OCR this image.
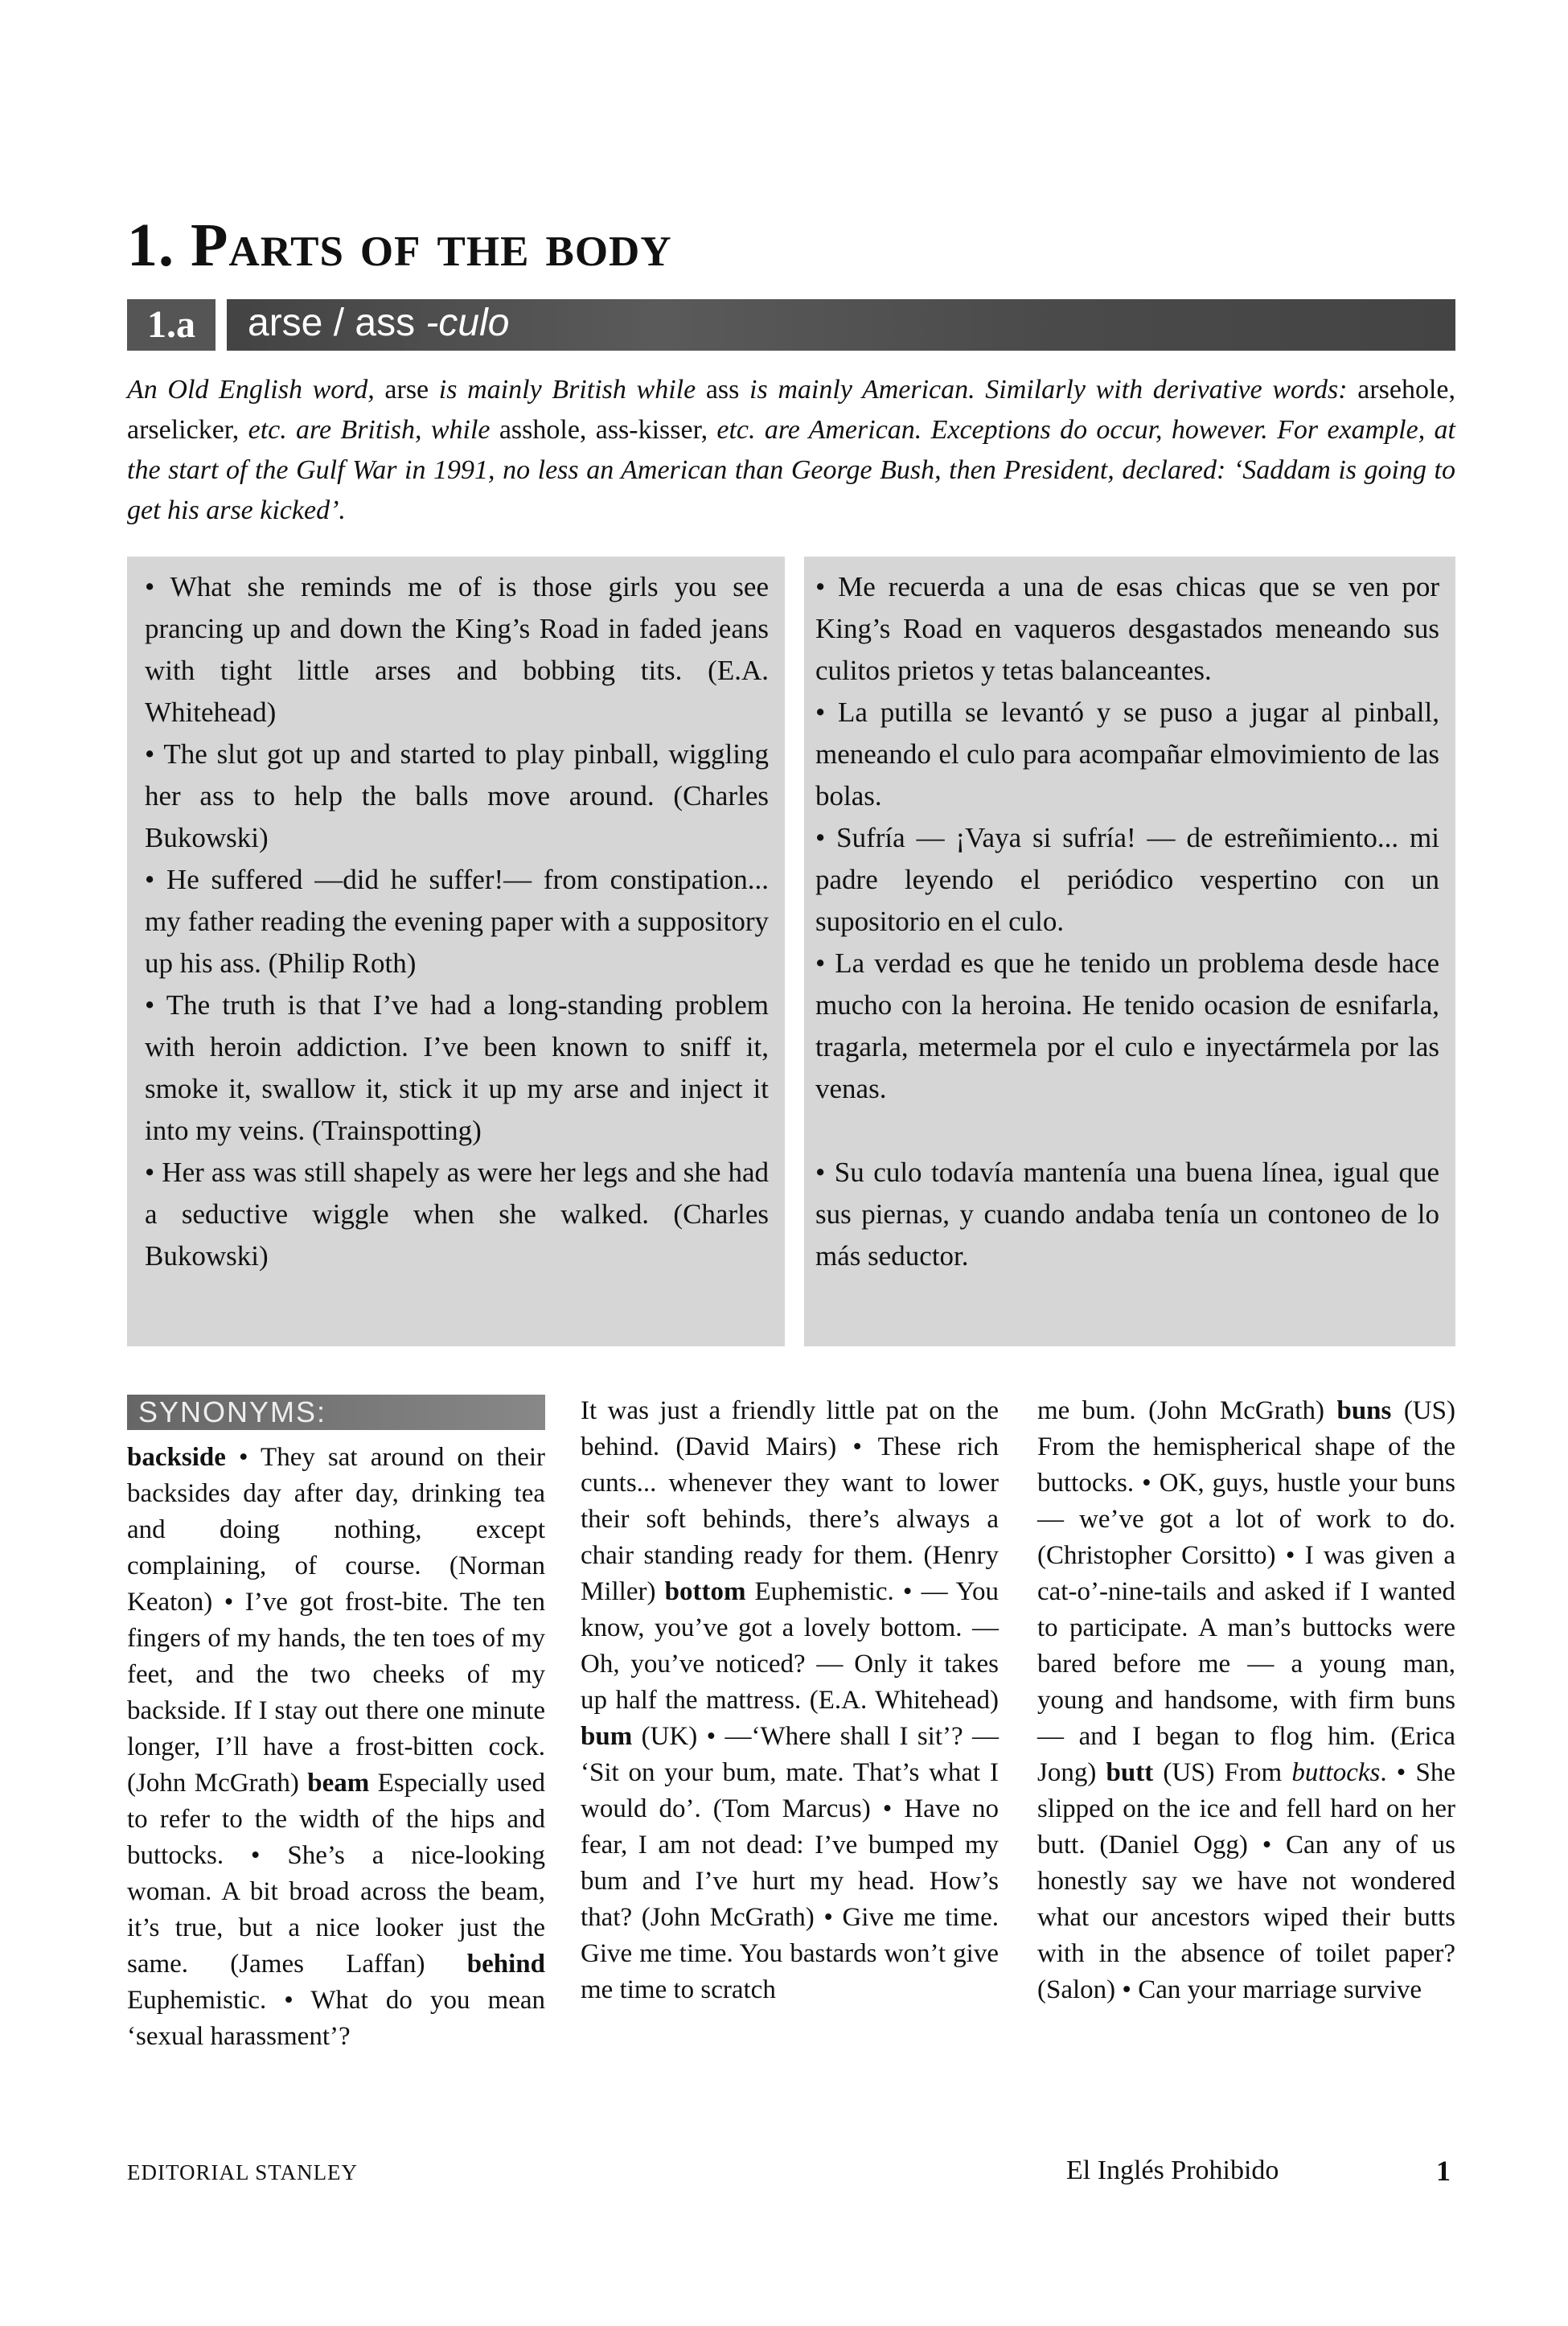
1. Parts of the body
1.a	arse / ass -culo
An Old English word, arse is mainly British while ass is mainly American. Similarly with derivative words: arsehole, arselicker, etc. are British, while asshole, ass-kisser, etc. are American. Exceptions do occur, however. For example, at the start of the Gulf War in 1991, no less an American than George Bush, then President, declared: ‘Saddam is going to get his arse kicked’.

• What she reminds me of is those girls you see prancing up and down the King’s Road in faded jeans with tight little arses and bobbing tits. (E.A. Whitehead)

• The slut got up and started to play pinball, wiggling her ass to help the balls move around. (Charles Bukowski)

• He suffered —did he suffer!— from constipation... my father reading the evening paper with a suppository up his ass. (Philip Roth)

• The truth is that I’ve had a long-standing problem with heroin addiction. I’ve been known to sniff it, smoke it, swallow it, stick it up my arse and inject it into my veins. (Trainspotting)

• Her ass was still shapely as were her legs and she had a seductive wiggle when she walked. (Charles Bukowski)

• Me recuerda a una de esas chicas que se ven por King’s Road en vaqueros desgastados meneando sus culitos prietos y tetas balanceantes.

• La putilla se levantó y se puso a jugar al pinball, meneando el culo para acompañar elmovimiento de las bolas.

• Sufría — ¡Vaya si sufría! — de estreñimiento... mi padre leyendo el periódico vespertino con un supositorio en el culo.

• La verdad es que he tenido un problema desde hace mucho con la heroina. He tenido ocasion de esnifarla, tragarla, metermela por el culo e inyectármela por las venas.

• Su culo todavía mantenía una buena línea, igual que sus piernas, y cuando andaba tenía un contoneo de lo más seductor.

SYNONYMS:

backside • They sat around on their backsides day after day, drinking tea and doing nothing, except complaining, of course. (Norman Keaton) • I’ve got frost-bite. The ten fingers of my hands, the ten toes of my feet, and the two cheeks of my backside. If I stay out there one minute longer, I’ll have a frost-bitten cock. (John McGrath) beam Especially used to refer to the width of the hips and buttocks. • She’s a nice-looking woman. A bit broad across the beam, it’s true, but a nice looker just the same. (James Laffan) behind Euphemistic. • What do you mean ‘sexual harassment’?

It was just a friendly little pat on the behind. (David Mairs) • These rich cunts... whenever they want to lower their soft behinds, there’s always a chair standing ready for them. (Henry Miller) bottom Euphemistic. • — You know, you’ve got a lovely bottom. — Oh, you’ve noticed? — Only it takes up half the mattress. (E.A. Whitehead) bum (UK) • —‘Where shall I sit’? — ‘Sit on your bum, mate. That’s what I would do’. (Tom Marcus) • Have no fear, I am not dead: I’ve bumped my bum and I’ve hurt my head. How’s that? (John McGrath) • Give me time. Give me time. You bastards won’t give me time to scratch

me bum. (John McGrath) buns (US) From the hemispherical shape of the buttocks. • OK, guys, hustle your buns — we’ve got a lot of work to do. (Christopher Corsitto) • I was given a cat-o’-nine-tails and asked if I wanted to participate. A man’s buttocks were bared before me — a young man, young and handsome, with firm buns — and I began to flog him. (Erica Jong) butt (US) From buttocks. • She slipped on the ice and fell hard on her butt. (Daniel Ogg) • Can any of us honestly say we have not wondered what our ancestors wiped their butts with in the absence of toilet paper? (Salon) • Can your marriage survive

EDITORIAL STANLEY	El Inglés Prohibido	1
